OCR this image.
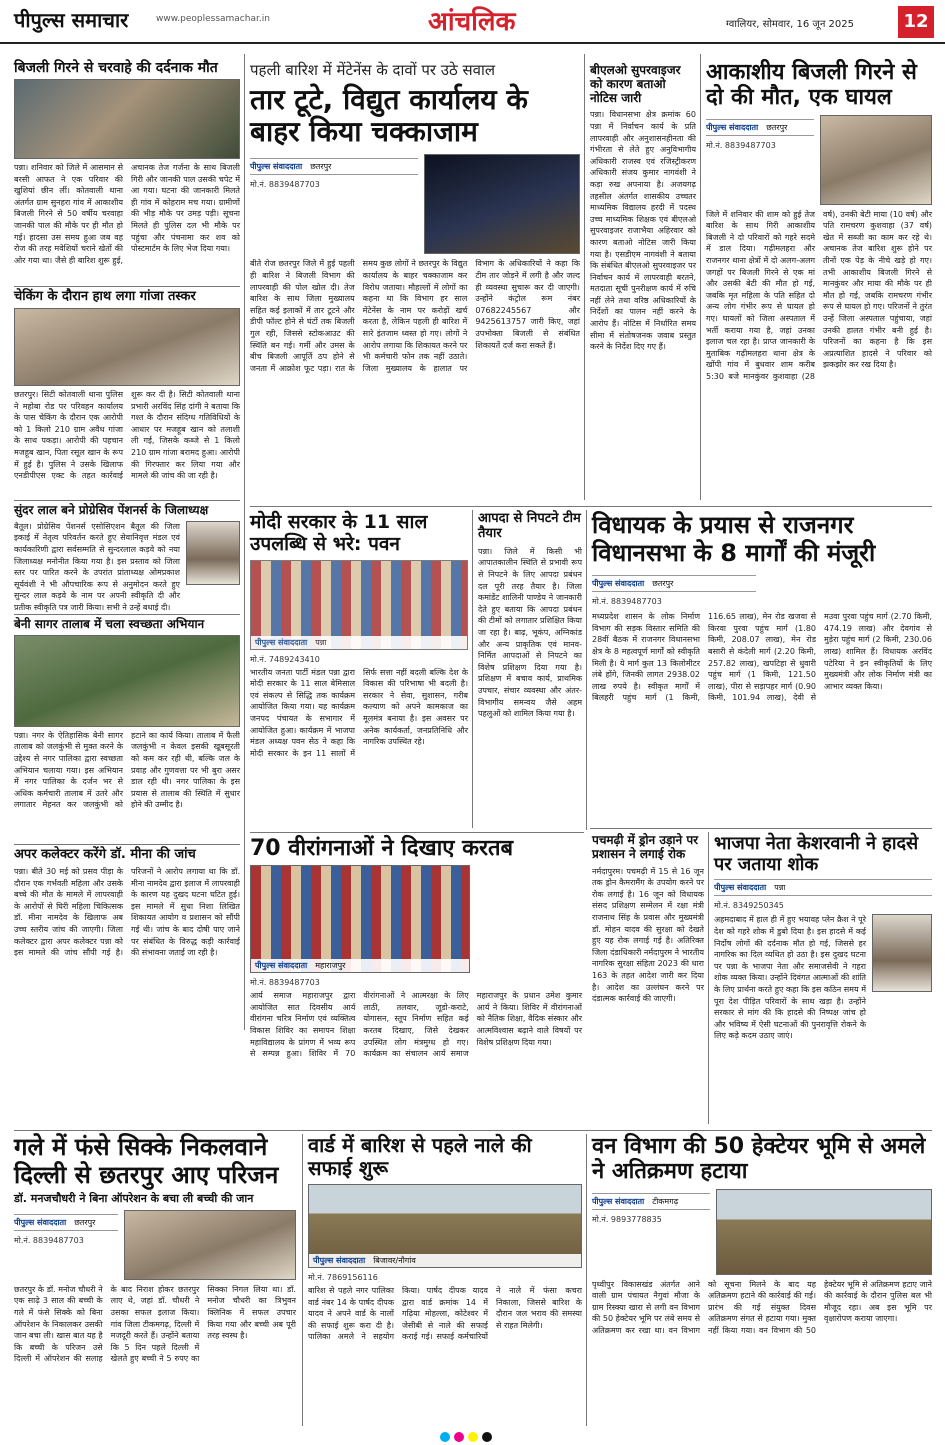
पीपुल्स समाचार	www.peoplessamachar.in	आंचलिक	ग्वालियर, सोमवार, 16 जून 2025	12
बिजली गिरने से चरवाहे की दर्दनाक मौत
पन्ना। शनिवार को जिले में आसमान से बरसी आफत ने एक परिवार की खुशियां छीन लीं। कोतवाली थाना अंतर्गत ग्राम सुनहरा गांव में आकाशीय बिजली गिरने से 50 वर्षीय चरवाहा जानकी पाल की मौके पर ही मौत हो गई। हादसा उस समय हुआ जब वह रोज की तरह मवेशियों चराने खेतों की ओर गया था। जैसे ही बारिश शुरू हुई, अचानक तेज गर्जना के साथ बिजली गिरी और जानकी पाल उसकी चपेट में आ गया। घटना की जानकारी मिलते ही गांव में कोहराम मच गया। ग्रामीणों की भीड़ मौके पर उमड़ पड़ी। सूचना मिलते ही पुलिस दल भी मौके पर पहुंचा और पंचनामा कर शव को पोस्टमार्टम के लिए भेज दिया गया।
चेकिंग के दौरान हाथ लगा गांजा तस्कर
छतरपुर। सिटी कोतवाली थाना पुलिस ने महोबा रोड पर परिवहन कार्यालय के पास चेकिंग के दौरान एक आरोपी को 1 किलो 210 ग्राम अवैध गांजा के साथ पकड़ा। आरोपी की पहचान मजहूब खान, पिता रसूल खान के रूप में हुई है। पुलिस ने उसके खिलाफ एनडीपीएस एक्ट के तहत कार्रवाई शुरू कर दी है। सिटी कोतवाली थाना प्रभारी अरविंद सिंह दांगी ने बताया कि गश्त के दौरान संदिग्ध गतिविधियों के आधार पर मजहूब खान को तलाशी ली गई, जिसके कब्जे से 1 किलो 210 ग्राम गांजा बरामद हुआ। आरोपी की गिरफ्तार कर लिया गया और मामले की जांच की जा रही है।
सुंदर लाल बने प्रोग्रेसिव पेंशनर्स के जिलाध्यक्ष
बैतूल। प्रोग्रेसिव पेंशनर्स एसोसिएशन बैतूल की जिला इकाई में नेतृत्व परिवर्तन करते हुए सेवानिवृत्त मंडल एवं कार्यकारिणी द्वारा सर्वसम्मति से सुन्दरलाल कड़वे को नया जिलाध्यक्ष मनोनीत किया गया है। इस प्रस्ताव को जिला स्तर पर पारित करने के उपरांत प्रांताध्यक्ष ओमप्रकाश सूर्यवंशी ने भी औपचारिक रूप से अनुमोदन करते हुए सुन्दर लाल कड़वे के नाम पर अपनी स्वीकृति दी और प्रतीक स्वीकृति पत्र जारी किया। सभी ने उन्हें बधाई दी।
बेनी सागर तालाब में चला स्वच्छता अभियान
पन्ना। नगर के ऐतिहासिक बेनी सागर तालाब को जलकुंभी से मुक्त करने के उद्देश्य से नगर पालिका द्वारा स्वच्छता अभियान चलाया गया। इस अभियान में नगर पालिका के दर्जन भर से अधिक कर्मचारी तालाब में उतरे और लगातार मेहनत कर जलकुंभी को हटाने का कार्य किया। तालाब में फैली जलकुंभी न केवल इसकी खूबसूरती को कम कर रही थी, बल्कि जल के प्रवाह और गुणवत्ता पर भी बुरा असर डाल रही थी। नगर पालिका के इस प्रयास से तालाब की स्थिति में सुधार होने की उम्मीद है।
अपर कलेक्टर करेंगे डॉ. मीना की जांच
पन्ना। बीते 30 मई को प्रसव पीड़ा के दौरान एक गर्भवती महिला और उसके बच्चे की मौत के मामले में लापरवाही के आरोपों से घिरी महिला चिकित्सक डॉ. मीना नामदेव के खिलाफ अब उच्च स्तरीय जांच की जाएगी। जिला कलेक्टर द्वारा अपर कलेक्टर पन्ना को इस मामले की जांच सौंपी गई है। परिजनों ने आरोप लगाया था कि डॉ. मीना नामदेव द्वारा इलाज में लापरवाही के कारण यह दुखद घटना घटित हुई। इस मामले में सुधा निशा लिखित शिकायत आयोग व प्रशासन को सौंपी गई थी। जांच के बाद दोषी पाए जाने पर संबंधित के विरुद्ध कड़ी कार्रवाई की संभावना जताई जा रही है।
पहली बारिश में मेंटेनेंस के दावों पर उठे सवाल
तार टूटे, विद्युत कार्यालय के बाहर किया चक्काजाम
पीपुल्स संवाददाता छतरपुर
मो.नं. 8839487703
बीते रोज छतरपुर जिले में हुई पहली ही बारिश ने बिजली विभाग की लापरवाही की पोल खोल दी। तेज बारिश के साथ जिला मुख्यालय सहित कई इलाकों में तार टूटने और डीपी फॉल्ट होने से घंटों तक बिजली गुल रही, जिससे स्टोकआउट की स्थिति बन गई। गर्मी और उमस के बीच बिजली आपूर्ति ठप होने से जनता में आक्रोश फूट पड़ा। रात के समय कुछ लोगों ने छतरपुर के विद्युत कार्यालय के बाहर चक्काजाम कर विरोध जताया। मौहल्लों में लोगों का कहना था कि विभाग हर साल मेंटेनेंस के नाम पर करोड़ों खर्च करता है, लेकिन पहली ही बारिश में सारे इंतजाम ध्वस्त हो गए। लोगों ने आरोप लगाया कि शिकायत करने पर भी कर्मचारी फोन तक नहीं उठाते। जिला मुख्यालय के हालात पर विभाग के अधिकारियों ने कहा कि टीम तार जोड़ने में लगी है और जल्द ही व्यवस्था सुचारू कर दी जाएगी। उन्होंने कंट्रोल रूम नंबर 07682245567 और 9425613757 जारी किए, जहां उपभोक्ता बिजली से संबंधित शिकायतें दर्ज करा सकते हैं।
बीएलओ सुपरवाइजर को कारण बताओ नोटिस जारी
पन्ना। विधानसभा क्षेत्र क्रमांक 60 पन्ना में निर्वाचन कार्य के प्रति लापरवाही और अनुशासनहीनता की गंभीरता से लेते हुए अनुविभागीय अधिकारी राजस्व एवं रजिस्ट्रीकरण अधिकारी संजय कुमार नागवंशी ने कड़ा रुख अपनाया है। अजयगढ़ तहसील अंतर्गत शासकीय उच्चतर माध्यमिक विद्यालय हरदी में पदस्थ उच्च माध्यमिक शिक्षक एवं बीएलओ सुपरवाइजर राजाभैया अहिरवार को कारण बताओ नोटिस जारी किया गया है। एसडीएम नागवंशी ने बताया कि संबंधित बीएलओ सुपरवाइजर पर निर्वाचन कार्य में लापरवाही बरतने, मतदाता सूची पुनरीक्षण कार्य में रुचि नहीं लेने तथा वरिष्ठ अधिकारियों के निर्देशों का पालन नहीं करने के आरोप हैं। नोटिस में निर्धारित समय सीमा में संतोषजनक जवाब प्रस्तुत करने के निर्देश दिए गए हैं।
आकाशीय बिजली गिरने से दो की मौत, एक घायल
पीपुल्स संवाददाता छतरपुर
मो.नं. 8839487703
जिले में शनिवार की शाम को हुई तेज बारिश के साथ गिरी आकाशीय बिजली ने दो परिवारों को गहरे सदमे में डाल दिया। गढ़ीमलहरा और राजनगर थाना क्षेत्रों में दो अलग-अलग जगहों पर बिजली गिरने से एक मां और उसकी बेटी की मौत हो गई, जबकि मृत महिला के पति सहित दो अन्य लोग गंभीर रूप से घायल हो गए। घायलों को जिला अस्पताल में भर्ती कराया गया है, जहां उनका इलाज चल रहा है। प्राप्त जानकारी के मुताबिक गढ़ीमलहरा थाना क्षेत्र के खोंपी गांव में बुधवार शाम करीब 5:30 बजे मानकुंवर कुशवाहा (28 वर्ष), उनकी बेटी माया (10 वर्ष) और पति रामचरण कुशवाहा (37 वर्ष) खेत में सब्जी का काम कर रहे थे। अचानक तेज बारिश शुरू होने पर तीनों एक पेड़ के नीचे खड़े हो गए। तभी आकाशीय बिजली गिरने से मानकुंवर और माया की मौके पर ही मौत हो गई, जबकि रामचरण गंभीर रूप से घायल हो गए। परिजनों ने तुरंत उन्हें जिला अस्पताल पहुंचाया, जहां उनकी हालत गंभीर बनी हुई है। परिजनों का कहना है कि इस अप्रत्याशित हादसे ने परिवार को झकझोर कर रख दिया है।
मोदी सरकार के 11 साल उपलब्धि से भरे: पवन
पीपुल्स संवाददाता पन्ना
मो.नं. 7489243410
भारतीय जनता पार्टी मंडल पन्ना द्वारा मोदी सरकार के 11 साल बेमिसाल एवं संकल्प से सिद्धि तक कार्यक्रम आयोजित किया गया। यह कार्यक्रम जनपद पंचायत के सभागार में आयोजित हुआ। कार्यक्रम में भाजपा मंडल अध्यक्ष पवन सेठ ने कहा कि मोदी सरकार के इन 11 सालों में सिर्फ सत्ता नहीं बदली बल्कि देश के विकास की परिभाषा भी बदली है। सरकार ने सेवा, सुशासन, गरीब कल्याण को अपने कामकाज का मूलमंत्र बनाया है। इस अवसर पर अनेक कार्यकर्ता, जनप्रतिनिधि और नागरिक उपस्थित रहे।
आपदा से निपटने टीम तैयार
पन्ना। जिले में किसी भी आपातकालीन स्थिति से प्रभावी रूप से निपटने के लिए आपदा प्रबंधन दल पूरी तरह तैयार है। जिला कमांडेंट शालिनी पाण्डेय ने जानकारी देते हुए बताया कि आपदा प्रबंधन की टीमों को लगातार प्रशिक्षित किया जा रहा है। बाढ़, भूकंप, अग्निकांड और अन्य प्राकृतिक एवं मानव-निर्मित आपदाओं से निपटने का विशेष प्रशिक्षण दिया गया है। प्रशिक्षण में बचाव कार्य, प्राथमिक उपचार, संचार व्यवस्था और अंतर-विभागीय समन्वय जैसे अहम पहलुओं को शामिल किया गया है।
विधायक के प्रयास से राजनगर विधानसभा के 8 मार्गों की मंजूरी
पीपुल्स संवाददाता छतरपुर
मो.नं. 8839487703
मध्यप्रदेश शासन के लोक निर्माण विभाग की सड़क विस्तार समिति की 28वीं बैठक में राजनगर विधानसभा क्षेत्र के 8 महत्वपूर्ण मार्गों को स्वीकृति मिली है। ये मार्ग कुल 13 किलोमीटर लंबे होंगे, जिनकी लागत 2938.02 लाख रुपये है। स्वीकृत मार्गों में बिलहरी पहुंच मार्ग (1 किमी, 116.65 लाख), मेन रोड खजवा से किरवा पुरवा पहुंच मार्ग (1.80 किमी, 208.07 लाख), मेन रोड बसारी से कंदेली मार्ग (2.20 किमी, 257.82 लाख), खपटिहा से धुवारी पहुंच मार्ग (1 किमी, 121.50 लाख), पीरा से सड़ापहर मार्ग (0.90 किमी, 101.94 लाख), देवी से मउवा पुरवा पहुंच मार्ग (2.70 किमी, 474.19 लाख) और देवगांव से मुड़ेरा पहुंच मार्ग (2 किमी, 230.06 लाख) शामिल हैं। विधायक अरविंद पटेरिया ने इन स्वीकृतियों के लिए मुख्यमंत्री और लोक निर्माण मंत्री का आभार व्यक्त किया।
70 वीरांगनाओं ने दिखाए करतब
पीपुल्स संवाददाता महाराजपुर
मो.नं. 8839487703
आर्य समाज महाराजपुर द्वारा आयोजित सात दिवसीय आर्य वीरांगना चरित्र निर्माण एवं व्यक्तित्व विकास शिविर का समापन शिक्षा महाविद्यालय के प्रांगण में भव्य रूप से सम्पन्न हुआ। शिविर में 70 वीरांगनाओं ने आत्मरक्षा के लिए लाठी, तलवार, जूडो-कराटे, योगासन, स्तूप निर्माण सहित कई करतब दिखाए, जिसे देखकर उपस्थित लोग मंत्रमुग्ध हो गए। कार्यक्रम का संचालन आर्य समाज महाराजपुर के प्रधान उमेश कुमार आर्य ने किया। शिविर में वीरांगनाओं को नैतिक शिक्षा, वैदिक संस्कार और आत्मविश्वास बढ़ाने वाले विषयों पर विशेष प्रशिक्षण दिया गया।
पचमढ़ी में ड्रोन उड़ाने पर प्रशासन ने लगाई रोक
नर्मदापुरम। पचमढ़ी में 15 से 16 जून तक ड्रोन कैमरामैंग के उपयोग करने पर रोक लगाई है। 16 जून को विधायक संसद प्रशिक्षण सम्मेलन में रक्षा मंत्री राजनाथ सिंह के प्रवास और मुख्यमंत्री डॉ. मोहन यादव की सुरक्षा को देखते हुए यह रोक लगाई गई है। अतिरिक्त जिला दंडाधिकारी नर्मदापुरम ने भारतीय नागरिक सुरक्षा संहिता 2023 की धारा 163 के तहत आदेश जारी कर दिया है। आदेश का उल्लंघन करने पर दंडात्मक कार्रवाई की जाएगी।
भाजपा नेता केशरवानी ने हादसे पर जताया शोक
पीपुल्स संवाददाता पन्ना
मो.नं. 8349250345
अहमदाबाद में हाल ही में हुए भयावह प्लेन क्रैश ने पूरे देश को गहरे शोक में डुबो दिया है। इस हादसे में कई निर्दोष लोगों की दर्दनाक मौत हो गई, जिससे हर नागरिक का दिल व्यथित हो उठा है। इस दुखद घटना पर पन्ना के भाजपा नेता और समाजसेवी ने गहरा शोक व्यक्त किया। उन्होंने दिवंगत आत्माओं की शांति के लिए प्रार्थना करते हुए कहा कि इस कठिन समय में पूरा देश पीड़ित परिवारों के साथ खड़ा है। उन्होंने सरकार से मांग की कि हादसे की निष्पक्ष जांच हो और भविष्य में ऐसी घटनाओं की पुनरावृत्ति रोकने के लिए कड़े कदम उठाए जाएं।
गले में फंसे सिक्के निकलवाने दिल्ली से छतरपुर आए परिजन
डॉ. मनजचौधरी ने बिना ऑपरेशन के बचा ली बच्ची की जान
पीपुल्स संवाददाता छतरपुर
मो.नं. 8839487703
छतरपुर के डॉ. मनोज चौधरी ने एक साढ़े 3 साल की बच्ची के गले में फंसे सिक्के को बिना ऑपरेशन के निकालकर उसकी जान बचा ली। खास बात यह है कि बच्ची के परिजन उसे दिल्ली में ऑपरेशन की सलाह के बाद निराश होकर छतरपुर लाए थे, जहां डॉ. चौधरी ने उसका सफल इलाज किया। गांव जिला टीकमगढ़, दिल्ली में मजदूरी करते हैं। उन्होंने बताया कि 5 दिन पहले दिल्ली में खेलते हुए बच्ची ने 5 रुपए का सिक्का निगल लिया था। डॉ. मनोज चौधरी का त्रिभुवन क्लिनिक में सफल उपचार किया गया और बच्ची अब पूरी तरह स्वस्थ है।
वार्ड में बारिश से पहले नाले की सफाई शुरू
पीपुल्स संवाददाता बिजावर/नौगांव
मो.नं. 7869156116
बारिश से पहले नगर पालिका वार्ड नंबर 14 के पार्षद दीपक यादव ने अपने वार्ड के नालों की सफाई शुरू करा दी है। पालिका अमले ने सहयोग किया। पार्षद दीपक यादव द्वारा वार्ड क्रमांक 14 में गढ़िया मोहल्ला, कोटेश्वर में जेसीबी से नाले की सफाई कराई गई। सफाई कर्मचारियों ने नाले में फंसा कचरा निकाला, जिससे बारिश के दौरान जल भराव की समस्या से राहत मिलेगी।
वन विभाग की 50 हेक्टेयर भूमि से अमले ने अतिक्रमण हटाया
पीपुल्स संवाददाता टीकमगढ़
मो.नं. 9893778835
पृथ्वीपुर विकासखंड अंतर्गत आने वाली ग्राम पंचायत नैगुवां मौजा के ग्राम रिस्क्या खारा से लगी वन विभाग की 50 हेक्टेयर भूमि पर लंबे समय से अतिक्रमण कर रखा था। वन विभाग को सूचना मिलने के बाद यह अतिक्रमण हटाने की कार्रवाई की गई। प्रारंभ की गई संयुक्त दिवस अतिक्रमण संगत से हटाया गया। मुक्त नहीं किया गया। वन विभाग की 50 हेक्टेयर भूमि से अतिक्रमण हटाए जाने की कार्रवाई के दौरान पुलिस बल भी मौजूद रहा। अब इस भूमि पर वृक्षारोपण कराया जाएगा।
